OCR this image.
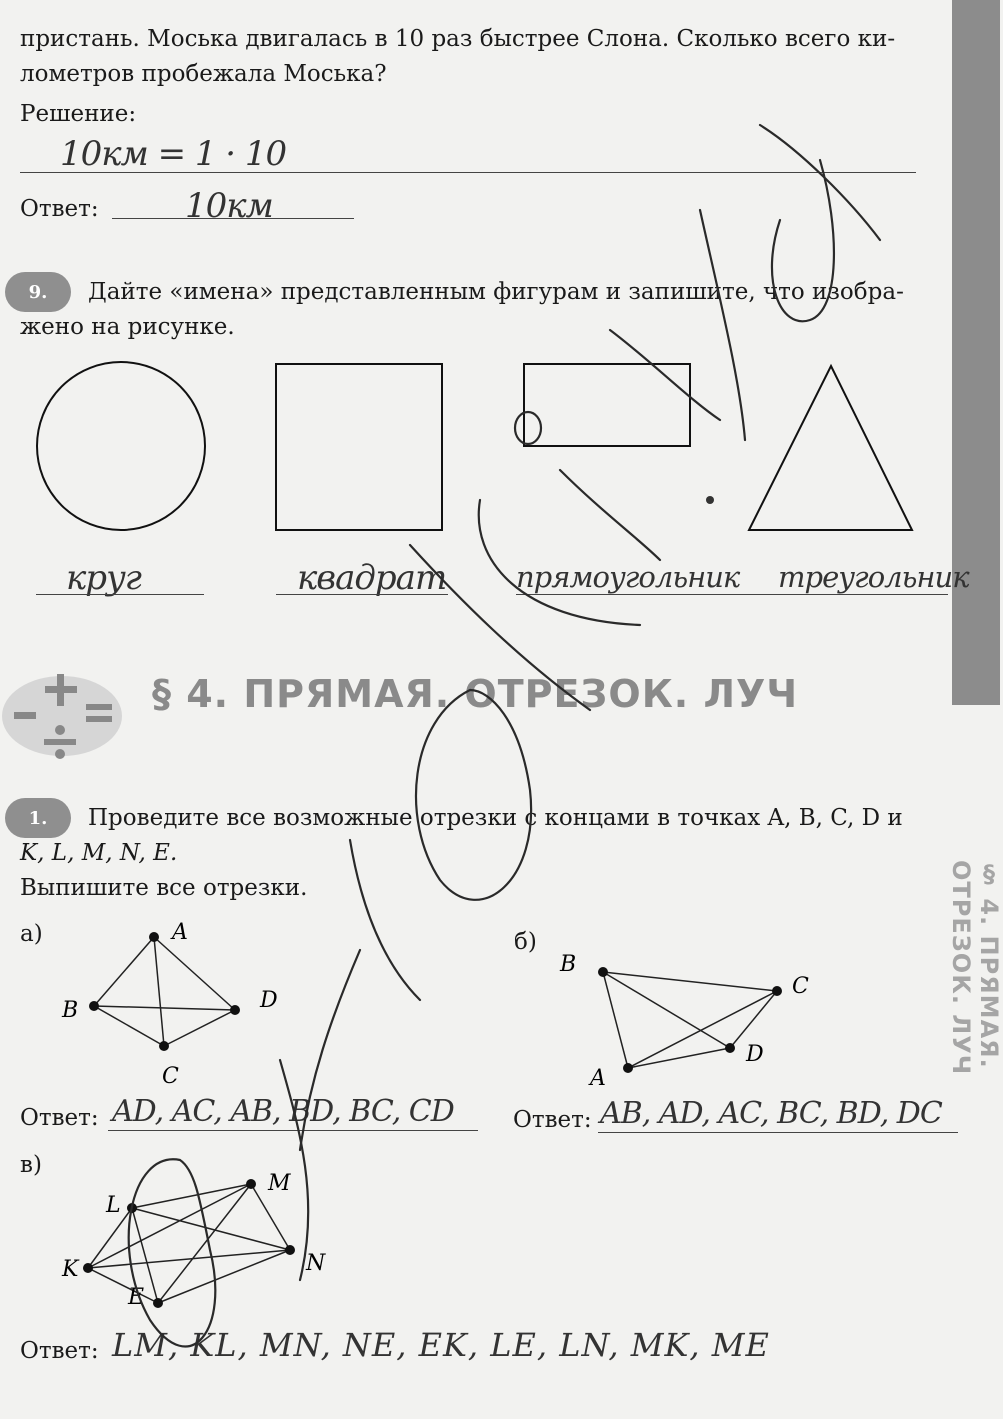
§ 4. ПРЯМАЯ. ОТРЕЗОК. ЛУЧ
пристань. Моська двигалась в 10 раз быстрее Слона. Сколько всего ки-
лометров пробежала Моська?
Решение:
10км = 1 · 10
Ответ:	10км
9.	Дайте «имена» представленным фигурам и запишите, что изобра-
жено на рисунке.
круг	квадрат прямоугольник треугольник
§ 4. ПРЯМАЯ. ОТРЕЗОК. ЛУЧ
1.	Проведите все возможные отрезки с концами в точках A, B, C, D и
K, L, M, N, E.
Выпишите все отрезки.
а)	A
B
C
D
Ответ: AD, AC, AB, BD, BC, CD
б)
B
C
D
A
Ответ: AB, AD, AC, BC, BD, DC
в)
L
M
K	N
E
Ответ: LM, KL, MN, NE, EK, LE, LN, MK, ME
